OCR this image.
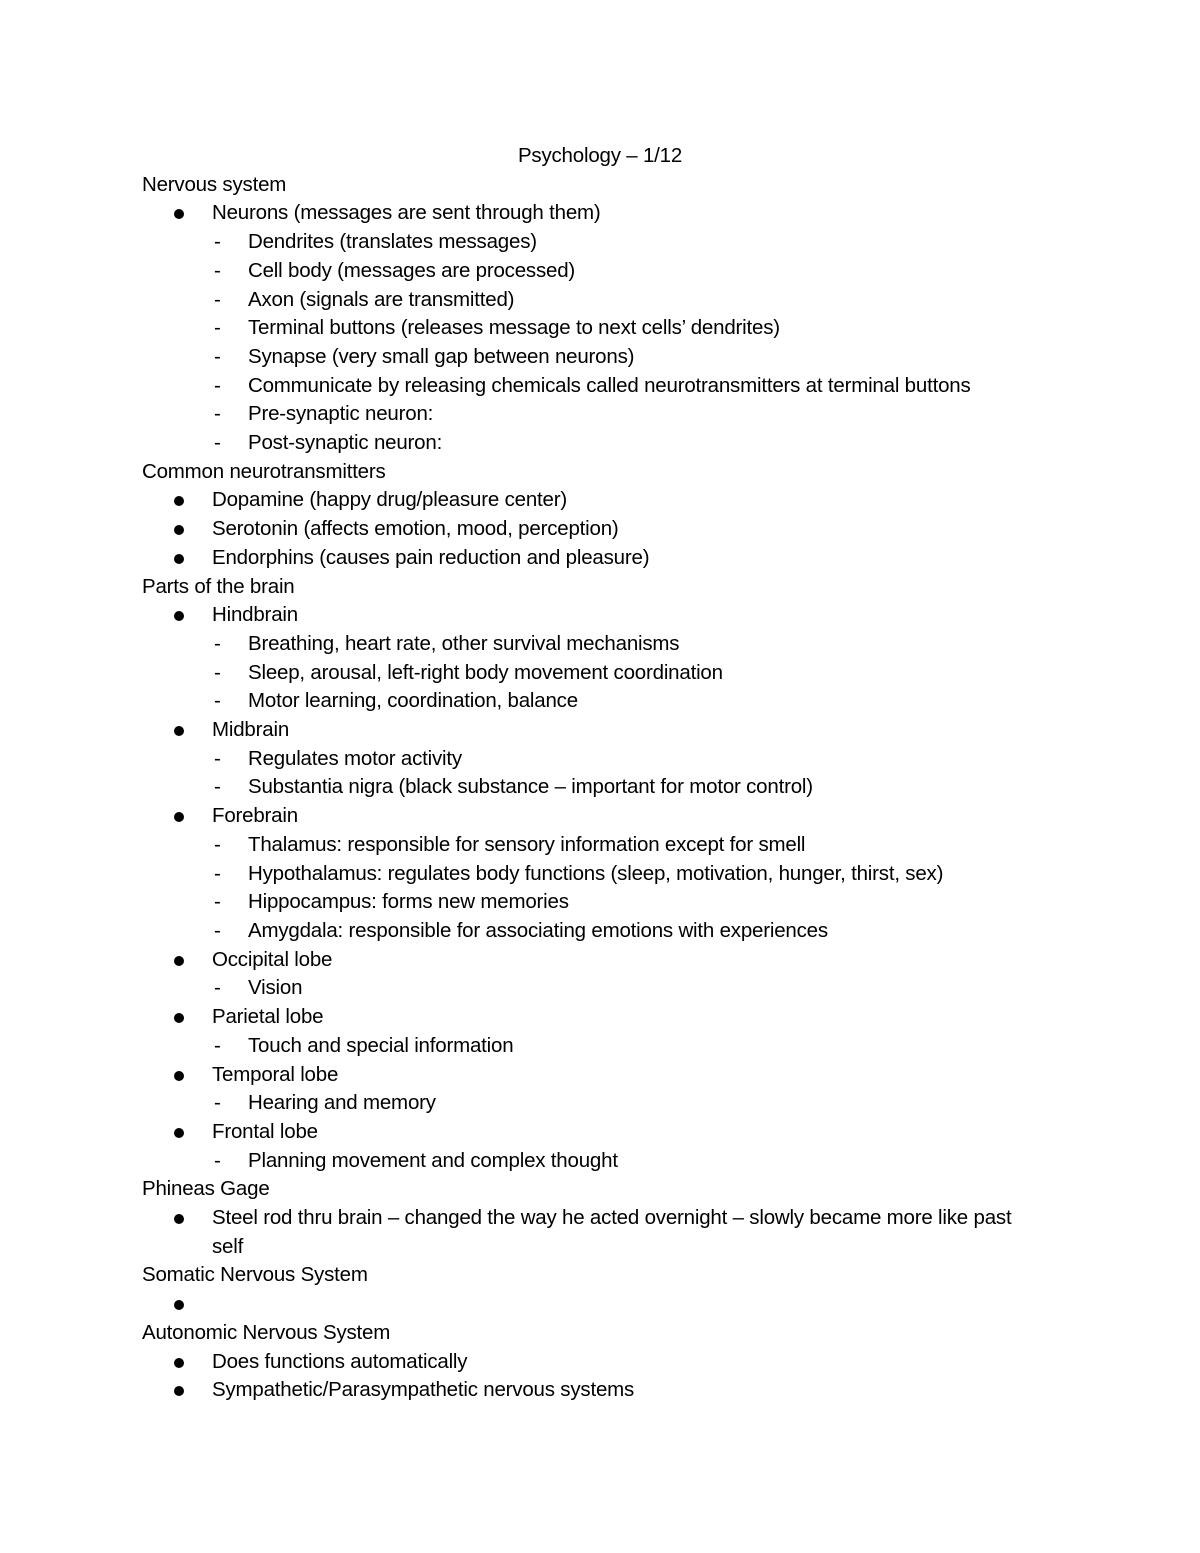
Psychology – 1/12
Nervous system
Neurons (messages are sent through them)
- Dendrites (translates messages)
- Cell body (messages are processed)
- Axon (signals are transmitted)
- Terminal buttons (releases message to next cells’ dendrites)
- Synapse (very small gap between neurons)
- Communicate by releasing chemicals called neurotransmitters at terminal buttons
- Pre-synaptic neuron:
- Post-synaptic neuron:
Common neurotransmitters
Dopamine (happy drug/pleasure center)
Serotonin (affects emotion, mood, perception)
Endorphins (causes pain reduction and pleasure)
Parts of the brain
Hindbrain
- Breathing, heart rate, other survival mechanisms
- Sleep, arousal, left-right body movement coordination
- Motor learning, coordination, balance
Midbrain
- Regulates motor activity
- Substantia nigra (black substance – important for motor control)
Forebrain
- Thalamus: responsible for sensory information except for smell
- Hypothalamus: regulates body functions (sleep, motivation, hunger, thirst, sex)
- Hippocampus: forms new memories
- Amygdala: responsible for associating emotions with experiences
Occipital lobe
- Vision
Parietal lobe
- Touch and special information
Temporal lobe
- Hearing and memory
Frontal lobe
- Planning movement and complex thought
Phineas Gage
Steel rod thru brain – changed the way he acted overnight – slowly became more like past self
Somatic Nervous System
Autonomic Nervous System
Does functions automatically
Sympathetic/Parasympathetic nervous systems
